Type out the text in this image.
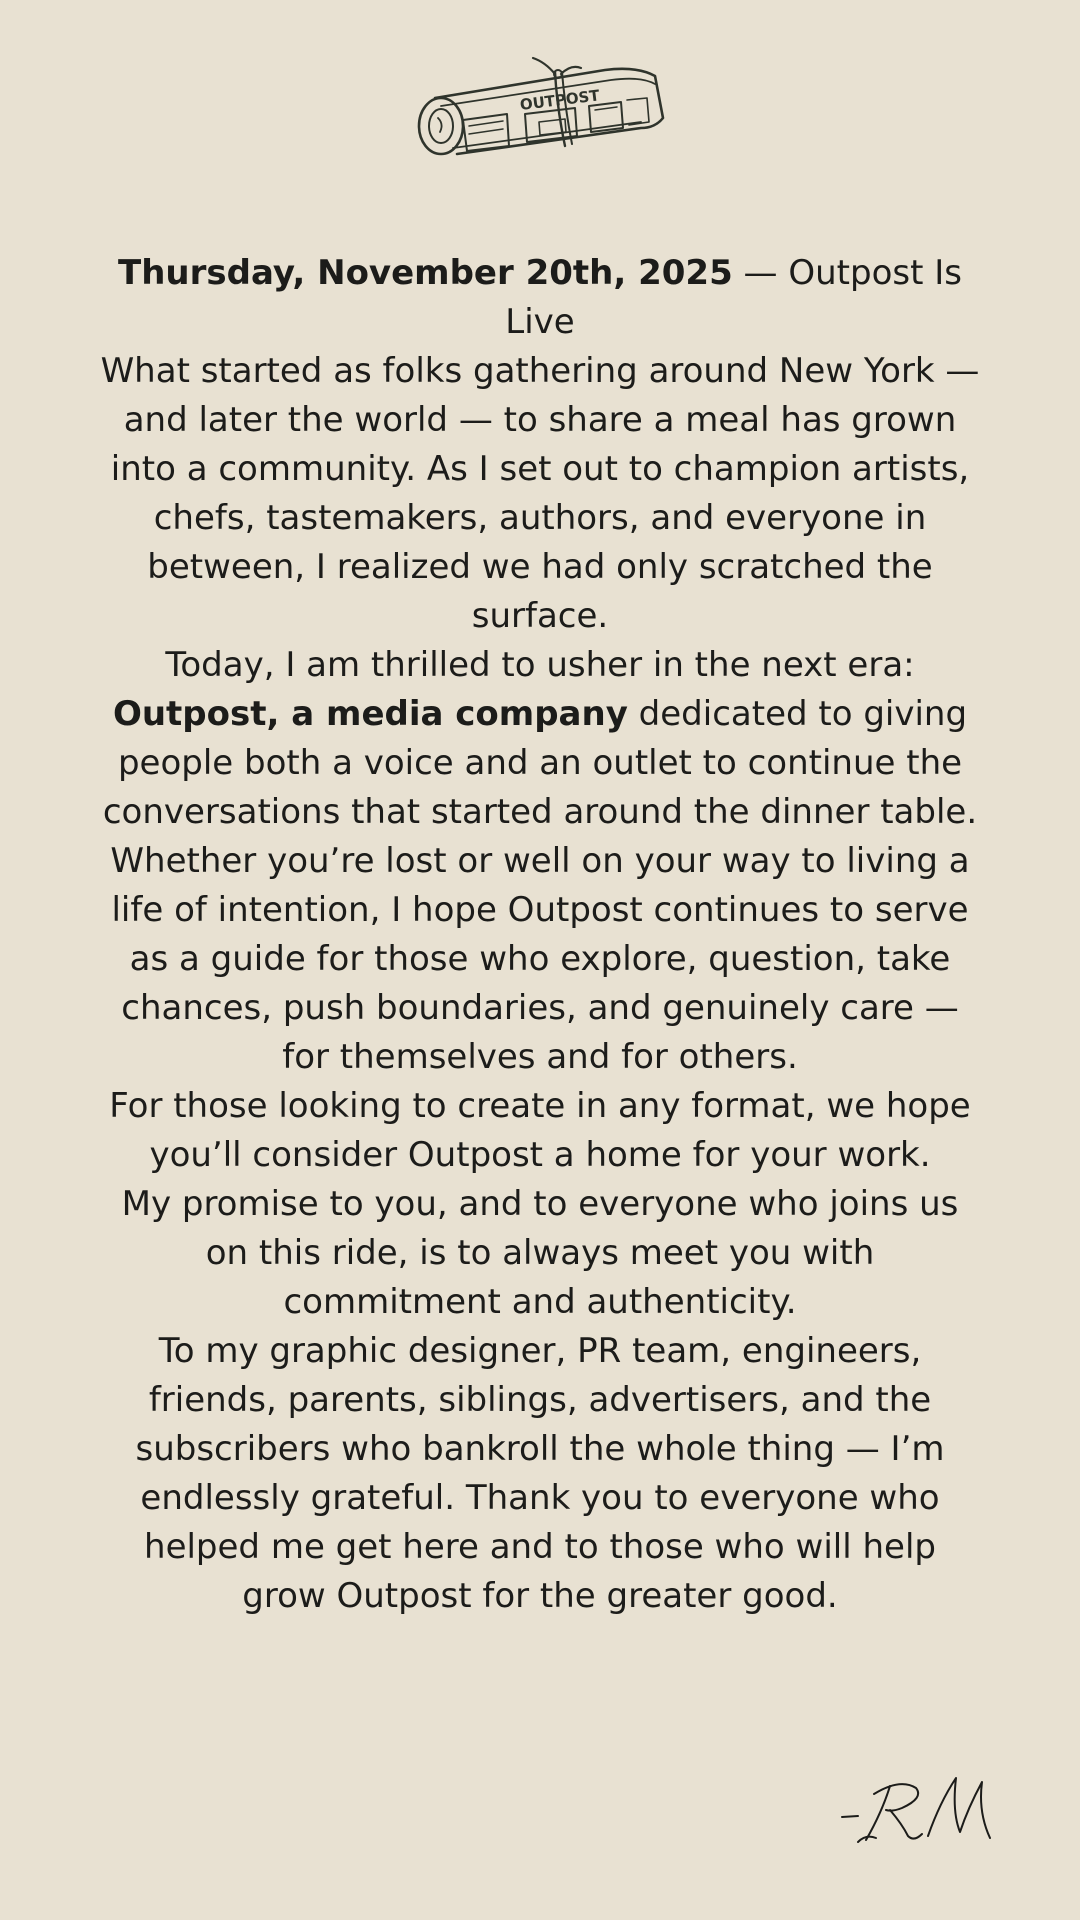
OUTPOST

Thursday, November 20th, 2025 — Outpost Is Live

What started as folks gathering around New York — and later the world — to share a meal has grown into a community. As I set out to champion artists, chefs, tastemakers, authors, and everyone in between, I realized we had only scratched the surface.

Today, I am thrilled to usher in the next era: Outpost, a media company dedicated to giving people both a voice and an outlet to continue the conversations that started around the dinner table.

Whether you’re lost or well on your way to living a life of intention, I hope Outpost continues to serve as a guide for those who explore, question, take chances, push boundaries, and genuinely care — for themselves and for others.

For those looking to create in any format, we hope you’ll consider Outpost a home for your work.

My promise to you, and to everyone who joins us on this ride, is to always meet you with commitment and authenticity.

To my graphic designer, PR team, engineers, friends, parents, siblings, advertisers, and the subscribers who bankroll the whole thing — I’m endlessly grateful. Thank you to everyone who helped me get here and to those who will help grow Outpost for the greater good.
